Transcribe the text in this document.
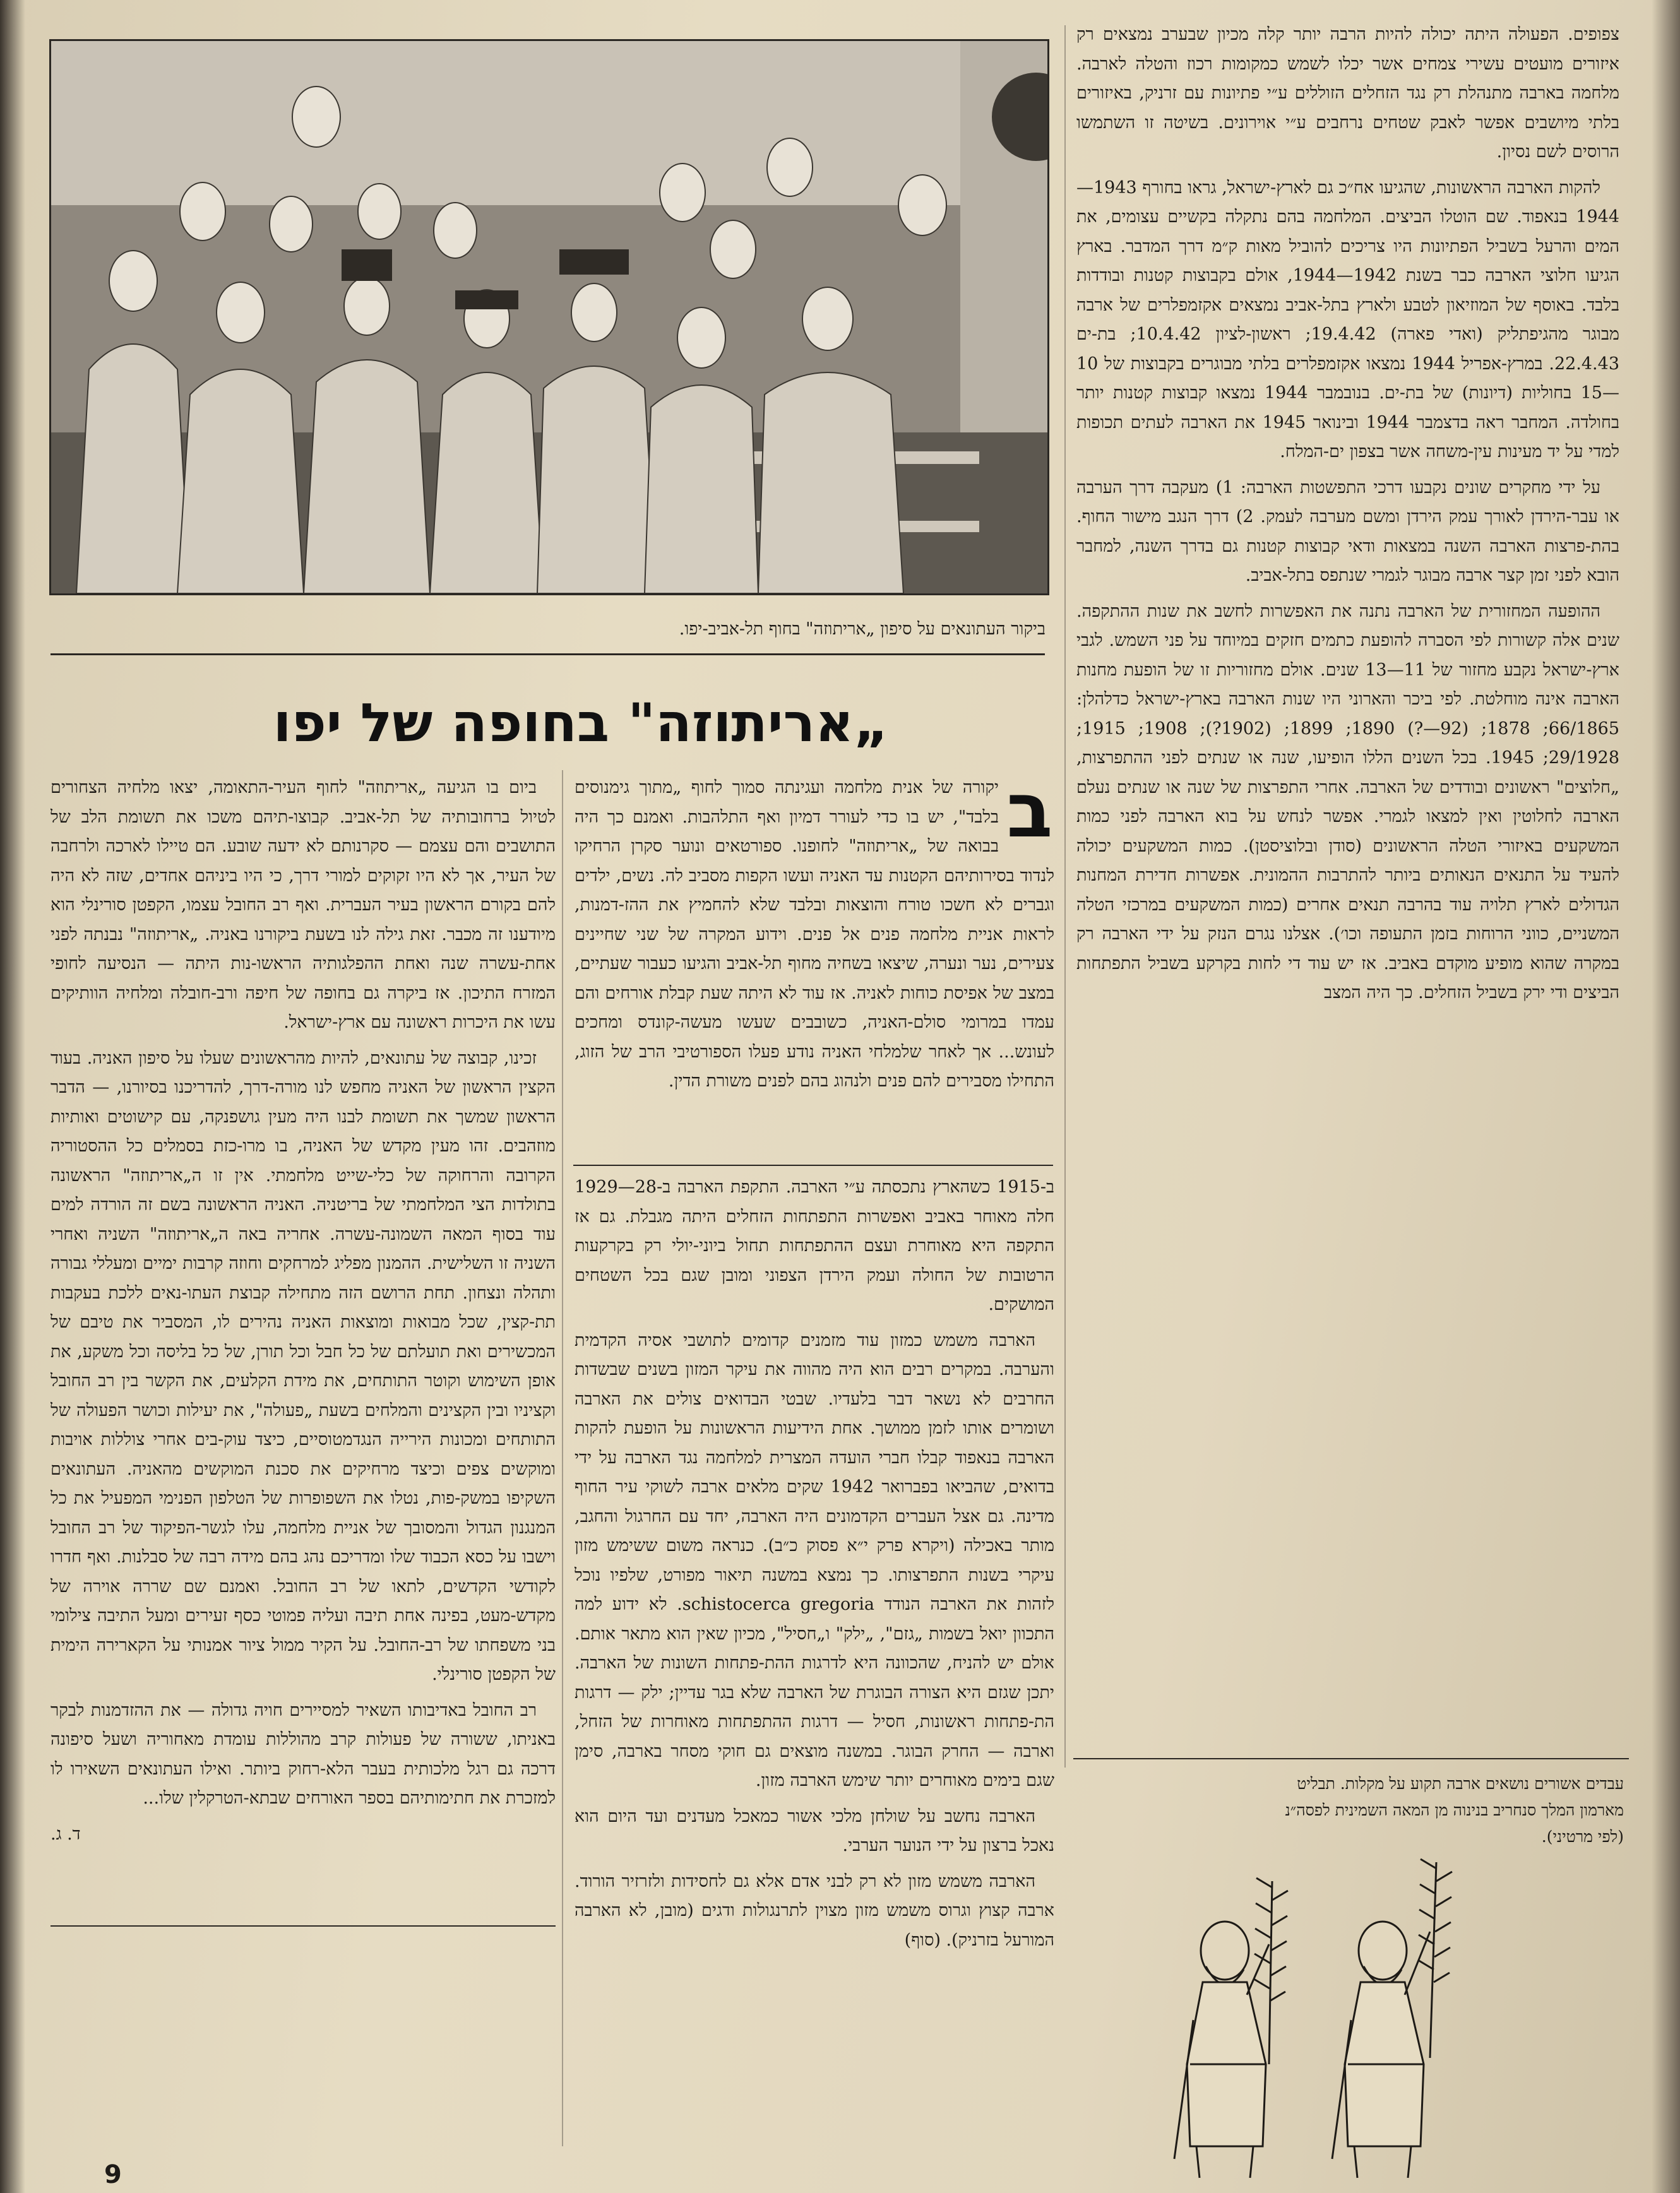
צפופים. הפעולה היתה יכולה להיות הרבה יותר קלה מכיון שבערב נמצאים רק איזורים מועטים עשירי צמחים אשר יכלו לשמש כמקומות רכוז והטלה לארבה. מלחמה בארבה מתנהלת רק נגד הזחלים הזוללים ע״י פתיונות עם זרניק, באיזורים בלתי מיושבים אפשר לאבק שטחים נרחבים ע״י אוירונים. בשיטה זו השתמשו הרוסים לשם נסיון.

להקות הארבה הראשונות, שהגיעו אח״כ גם לארץ-ישראל, גראו בחורף 1943—1944 בנאפוד. שם הוטלו הביצים. המלחמה בהם נתקלה בקשיים עצומים, את המים והרעל בשביל הפתיונות היו צריכים להוביל מאות ק״מ דרך המדבר. בארץ הגיעו חלוצי הארבה כבר בשנת 1942—1944, אולם בקבוצות קטנות ובודדות בלבד. באוסף של המוזיאון לטבע ולארץ בתל-אביב נמצאים אקזמפלרים של ארבה מבוגר מהגיפתליק (ואדי פארה) 19.4.42; ראשון-לציון 10.4.42; בת-ים 22.4.43. במרץ-אפריל 1944 נמצאו אקזמפלרים בלתי מבוגרים בקבוצות של 10—15 בחוליות (דיונות) של בת-ים. בנובמבר 1944 נמצאו קבוצות קטנות יותר בחולדה. המחבר ראה בדצמבר 1944 ובינואר 1945 את הארבה לעתים תכופות למדי על יד מעינות עין-משחה אשר בצפון ים-המלח.

על ידי מחקרים שונים נקבעו דרכי התפשטות הארבה: 1) מעקבה דרך הערבה או עבר-הירדן לאורך עמק הירדן ומשם מערבה לעמק. 2) דרך הנגב מישור החוף. בהת-פרצות הארבה השנה במצאות ודאי קבוצות קטנות גם בדרך השנה, למחבר הובא לפני זמן קצר ארבה מבוגר לגמרי שנתפס בתל-אביב.

ההופעה המחזורית של הארבה נתנה את האפשרות לחשב את שנות ההתקפה. שנים אלה קשורות לפי הסברה להופעת כתמים חזקים במיוחד על פני השמש. לגבי ארץ-ישראל נקבע מחזור של 11—13 שנים. אולם מחזוריות זו של הופעת מחנות הארבה אינה מוחלטת. לפי ביכר והארוני היו שנות הארבה בארץ-ישראל כדלהלן: 66/1865; 1878; (92—?) 1890; 1899; (1902?); 1908; 1915; 29/1928; 1945. בכל השנים הללו הופיעו, שנה או שנתים לפני ההתפרצות, „חלוצים" ראשונים ובודדים של הארבה. אחרי התפרצות של שנה או שנתים נעלם הארבה לחלוטין ואין למצאו לגמרי. אפשר לנחש על בוא הארבה לפני כמות המשקעים באיזורי הטלה הראשונים (סודן ובלוציסטן). כמות המשקעים יכולה להעיד על התנאים הנאותים ביותר להתרבות ההמונית. אפשרות חדירת המחנות הגדולים לארץ תלויה עוד בהרבה תנאים אחרים (כמות המשקעים במרכזי הטלה המשניים, כווני הרוחות בזמן התעופה וכו׳). אצלנו נגרם הנזק על ידי הארבה רק במקרה שהוא מופיע מוקדם באביב. אז יש עוד די לחות בקרקע בשביל התפתחות הביצים ודי ירק בשביל הזחלים. כך היה המצב

ביקור העתונאים על סיפון „אריתוזה" בחוף תל-אביב-יפו.
„אריתוזה" בחופה של יפו
ב

יקורה של אנית מלחמה ועגינתה סמוך לחוף „מתוך גימנוסים בלבד", יש בו כדי לעורר דמיון ואף התלהבות. ואמנם כך היה בבואה של „אריתוזה" לחופנו. ספורטאים ונוער סקרן הרחיקו לנדוד בסירותיהם הקטנות עד האניה ועשו הקפות מסביב לה. נשים, ילדים וגברים לא חשכו טורח והוצאות ובלבד שלא להחמיץ את ההז-דמנות, לראות אניית מלחמה פנים אל פנים. וידוע המקרה של שני שחיינים צעירים, נער ונערה, שיצאו בשחיה מחוף תל-אביב והגיעו כעבור שעתיים, במצב של אפיסת כוחות לאניה. אז עוד לא היתה שעת קבלת אורחים והם עמדו במרומי סולם-האניה, כשובבים שעשו מעשה-קונדס ומחכים לעונש... אך לאחר שלמלחי האניה נודע פעלו הספורטיבי הרב של הזוג, התחילו מסבירים להם פנים ולנהוג בהם לפנים משורת הדין.

ב-1915 כשהארץ נתכסתה ע״י הארבה. התקפת הארבה ב-28—1929 חלה מאוחר באביב ואפשרות התפתחות הזחלים היתה מגבלת. גם אז התקפה היא מאוחרת ועצם ההתפתחות תחול ביוני-יולי רק בקרקעות הרטובות של החולה ועמק הירדן הצפוני ומובן שגם בכל השטחים המושקים.

הארבה משמש כמזון עוד מזמנים קדומים לתושבי אסיה הקדמית והערבה. במקרים רבים הוא היה מהווה את עיקר המזון בשנים שבשדות החרבים לא נשאר דבר בלעדיו. שבטי הבדואים צולים את הארבה ושומרים אותו לזמן ממושך. אחת הידיעות הראשונות על הופעת להקות הארבה בנאפוד קבלו חברי הועדה המצרית למלחמה נגד הארבה על ידי בדואים, שהביאו בפברואר 1942 שקים מלאים ארבה לשוקי עיר החוף מדינה. גם אצל העברים הקדמונים היה הארבה, יחד עם החרגול והחגב, מותר באכילה (ויקרא פרק י״א פסוק כ״ב). כנראה משום ששימש מזון עיקרי בשנות התפרצותו. כך נמצא במשנה תיאור מפורט, שלפיו נוכל לזהות את הארבה הנודד schistocerca gregoria. לא ידוע למה התכוון יואל בשמות „גזם", „ילק" ו„חסיל", מכיון שאין הוא מתאר אותם. אולם יש להניח, שהכוונה היא לדרגות ההת-פתחות השונות של הארבה. יתכן שגזם היא הצורה הבוגרת של הארבה שלא בגר עדיין; ילק — דרגות הת-פתחות ראשונות, חסיל — דרגות ההתפתחות מאוחרות של הזחל, וארבה — החרק הבוגר. במשנה מוצאים גם חוקי מסחר בארבה, סימן שגם בימים מאוחרים יותר שימש הארבה מזון.

הארבה נחשב על שולחן מלכי אשור כמאכל מעדנים ועד היום הוא נאכל ברצון על ידי הנוער הערבי.

הארבה משמש מזון לא רק לבני אדם אלא גם לחסידות ולזרזיר הורוד. ארבה קצוץ וגרוס משמש מזון מצוין לתרנגולות ודגים (מובן, לא הארבה המורעל בזרניק). (סוף)

ביום בו הגיעה „אריתוזה" לחוף העיר-התאומה, יצאו מלחיה הצחורים לטיול ברחובותיה של תל-אביב. קבוצו-תיהם משכו את תשומת הלב של התושבים והם עצמם — סקרנותם לא ידעה שובע. הם טיילו לארכה ולרחבה של העיר, אך לא היו זקוקים למורי דרך, כי היו ביניהם אחדים, שזה לא היה להם בקורם הראשון בעיר העברית. ואף רב החובל עצמו, הקפטן סורינלי הוא מיודענו זה מכבר. זאת גילה לנו בשעת ביקורנו באניה. „אריתוזה" נבנתה לפני אחת-עשרה שנה ואחת ההפלגותיה הראשו-נות היתה — הנסיעה לחופי המזרח התיכון. אז ביקרה גם בחופה של חיפה ורב-חובלה ומלחיה הוותיקים עשו את היכרות ראשונה עם ארץ-ישראל.

זכינו, קבוצה של עתונאים, להיות מהראשונים שעלו על סיפון האניה. בעוד הקצין הראשון של האניה מחפש לנו מורה-דרך, להדריכנו בסיורנו, — הדבר הראשון שמשך את תשומת לבנו היה מעין גושפנקה, עם קישוטים ואותיות מוזהבים. זהו מעין מקדש של האניה, בו מרו-כזת בסמלים כל ההסטוריה הקרובה והרחוקה של כלי-שייט מלחמתי. אין זו ה„אריתוזה" הראשונה בתולדות הצי המלחמתי של בריטניה. האניה הראשונה בשם זה הורדה למים עוד בסוף המאה השמונה-עשרה. אחריה באה ה„אריתוזה" השניה ואחרי השניה זו השלישית. ההמנון מפליג למרחקים וחוזה קרבות ימיים ומעללי גבורה ותהלה ונצחון. תחת הרושם הזה מתחילה קבוצת העתו-נאים ללכת בעקבות תת-קצין, שכל מבואות ומוצאות האניה נהירים לו, המסביר את טיבם של המכשירים ואת תועלתם של כל חבל וכל תורן, של כל בליסה וכל משקע, את אופן השימוש וקוטר התותחים, את מידת הקלעים, את הקשר בין רב החובל וקציניו ובין הקצינים והמלחים בשעת „פעולה", את יעילות וכושר הפעולה של התותחים ומכונות הירייה הנגדמטוסיים, כיצד עוק-בים אחרי צוללות אויבות ומוקשים צפים וכיצד מרחיקים את סכנת המוקשים מהאניה. העתונאים השקיפו במשק-פות, נטלו את השפופרות של הטלפון הפנימי המפעיל את כל המנגנון הגדול והמסובך של אניית מלחמה, עלו לגשר-הפיקוד של רב החובל וישבו על כסא הכבוד שלו ומדריכם נהג בהם מידה רבה של סבלנות. ואף חדרו לקודשי הקדשים, לתאו של רב החובל. ואמנם שם שררה אוירה של מקדש-מעט, בפינה אחת תיבה ועליה פמוטי כסף זעירים ומעל התיבה צילומי בני משפחתו של רב-החובל. על הקיר ממול ציור אמנותי על הקארירה הימית של הקפטן סורינלי.

רב החובל באדיבותו השאיר למסיירים חויה גדולה — את ההזדמנות לבקר באניתו, ששורה של פעולות קרב מהוללות עומדת מאחוריה ושעל סיפונה דרכה גם רגל מלכותית בעבר הלא-רחוק ביותר. ואילו העתונאים השאירו לו למזכרת את חתימותיהם בספר האורחים שבתא-הטרקלין שלו...

ד. ג.

עבדים אשורים נושאים ארבה תקוע על מקלות. תבליט

מארמון המלך סנחריב בנינוה מן המאה השמינית לפסה״נ

(לפי מרטיני).

9
